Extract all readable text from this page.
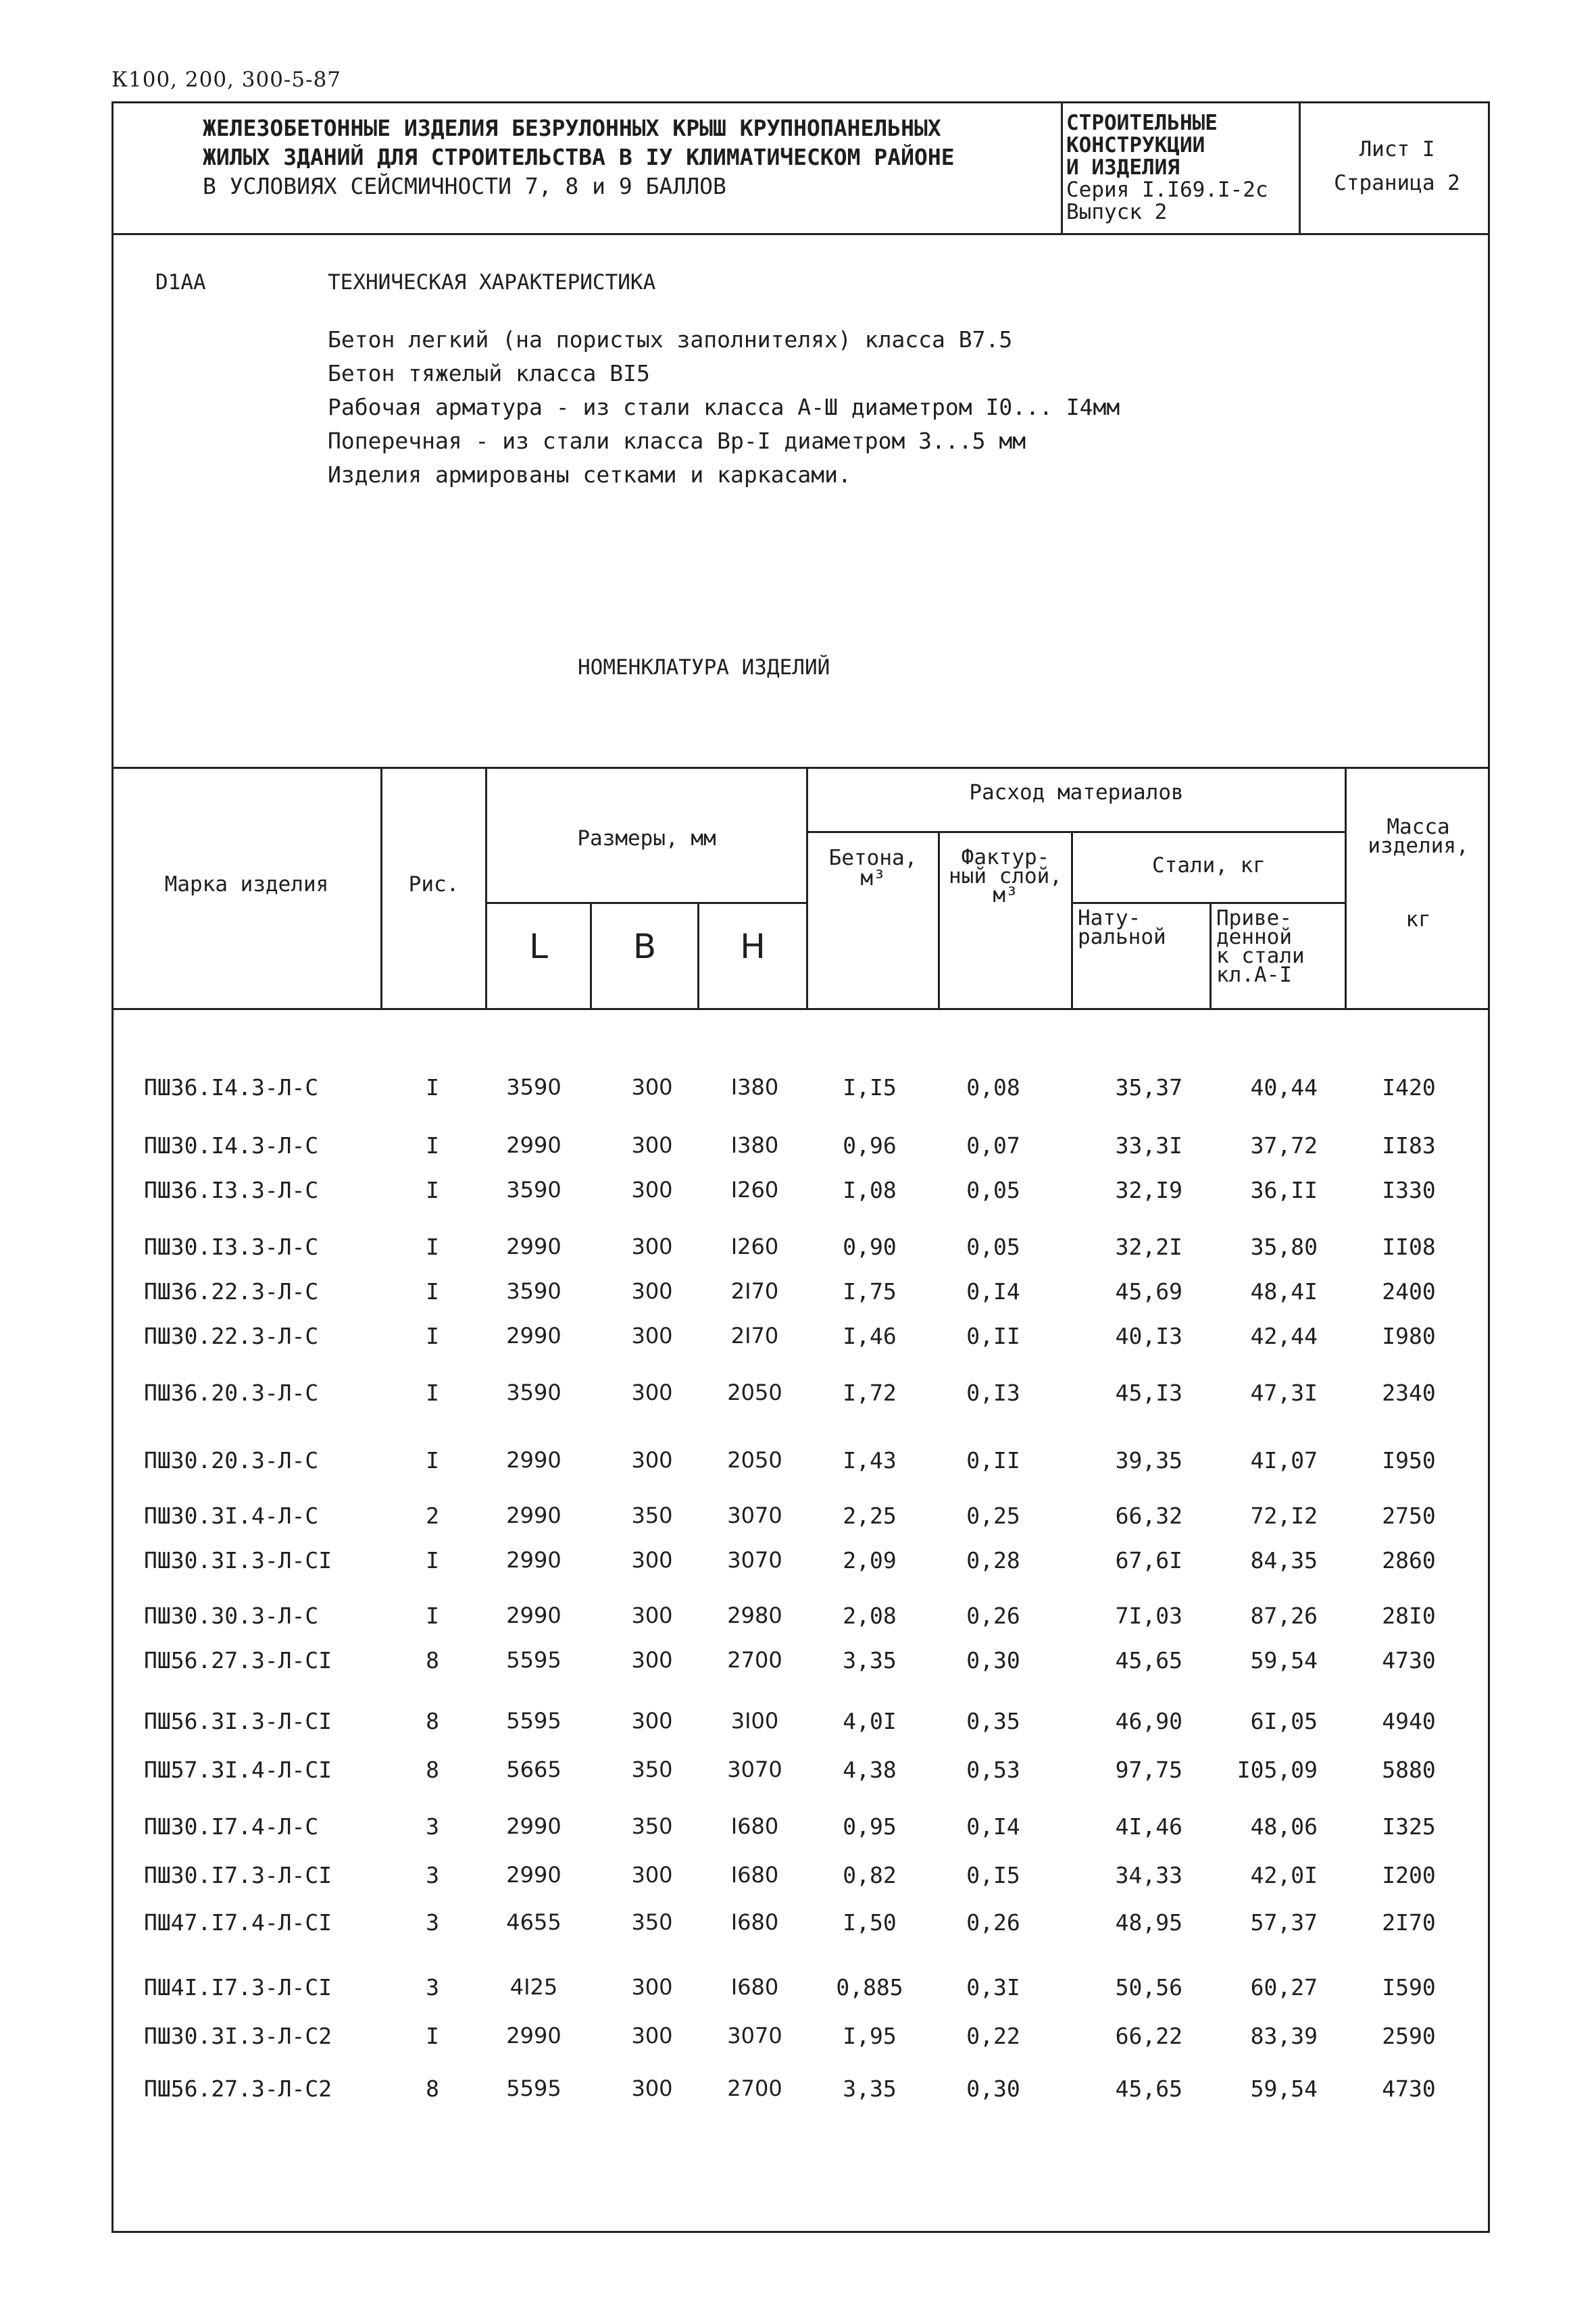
К100, 200, 300-5-87
ЖЕЛЕЗОБЕТОННЫЕ ИЗДЕЛИЯ БЕЗРУЛОННЫХ КРЫШ КРУПНОПАНЕЛЬНЫХ
ЖИЛЫХ ЗДАНИЙ ДЛЯ СТРОИТЕЛЬСТВА В IУ КЛИМАТИЧЕСКОМ РАЙОНЕ
В УСЛОВИЯХ СЕЙСМИЧНОСТИ 7, 8 и 9 БАЛЛОВ
СТРОИТЕЛЬНЫЕ
КОНСТРУКЦИИ
И ИЗДЕЛИЯ
Серия I.I69.I-2с
Выпуск 2
Лист I
Страница 2
D1AA	ТЕХНИЧЕСКАЯ ХАРАКТЕРИСТИКА
Бетон легкий (на пористых заполнителях) класса В7.5
Бетон тяжелый класса ВI5
Рабочая арматура - из стали класса А-Ш диаметром I0... I4мм
Поперечная - из стали класса Вр-I диаметром 3...5 мм
Изделия армированы сетками и каркасами.
НОМЕНКЛАТУРА ИЗДЕЛИЙ
Марка изделия	Рис.
Размеры, мм
L	B	H
Расход материалов
Бетона,
м³
Фактур-
ный слой,
м³
Стали, кг
Нату-
ральной
Приве-
денной
к стали
кл.А-I
Масса
изделия,
кг
ПШ36.I4.3-Л-С	I	3590	300	I380	I,I5	0,08	35,37	40,44	I420
ПШ30.I4.3-Л-С	I	2990	300	I380	0,96	0,07	33,3I	37,72	II83
ПШ36.I3.3-Л-С	I	3590	300	I260	I,08	0,05	32,I9	36,II	I330
ПШ30.I3.3-Л-С	I	2990	300	I260	0,90	0,05	32,2I	35,80	II08
ПШ36.22.3-Л-С	I	3590	300	2I70	I,75	0,I4	45,69	48,4I	2400
ПШ30.22.3-Л-С	I	2990	300	2I70	I,46	0,II	40,I3	42,44	I980
ПШ36.20.3-Л-С	I	3590	300	2050	I,72	0,I3	45,I3	47,3I	2340
ПШ30.20.3-Л-С	I	2990	300	2050	I,43	0,II	39,35	4I,07	I950
ПШ30.3I.4-Л-С	2	2990	350	3070	2,25	0,25	66,32	72,I2	2750
ПШ30.3I.3-Л-СI	I	2990	300	3070	2,09	0,28	67,6I	84,35	2860
ПШ30.30.3-Л-С	I	2990	300	2980	2,08	0,26	7I,03	87,26	28I0
ПШ56.27.3-Л-СI	8	5595	300	2700	3,35	0,30	45,65	59,54	4730
ПШ56.3I.3-Л-СI	8	5595	300	3I00	4,0I	0,35	46,90	6I,05	4940
ПШ57.3I.4-Л-СI	8	5665	350	3070	4,38	0,53	97,75	I05,09	5880
ПШ30.I7.4-Л-С	3	2990	350	I680	0,95	0,I4	4I,46	48,06	I325
ПШ30.I7.3-Л-СI	3	2990	300	I680	0,82	0,I5	34,33	42,0I	I200
ПШ47.I7.4-Л-СI	3	4655	350	I680	I,50	0,26	48,95	57,37	2I70
ПШ4I.I7.3-Л-СI	3	4I25	300	I680	0,885	0,3I	50,56	60,27	I590
ПШ30.3I.3-Л-С2	I	2990	300	3070	I,95	0,22	66,22	83,39	2590
ПШ56.27.3-Л-С2	8	5595	300	2700	3,35	0,30	45,65	59,54	4730
